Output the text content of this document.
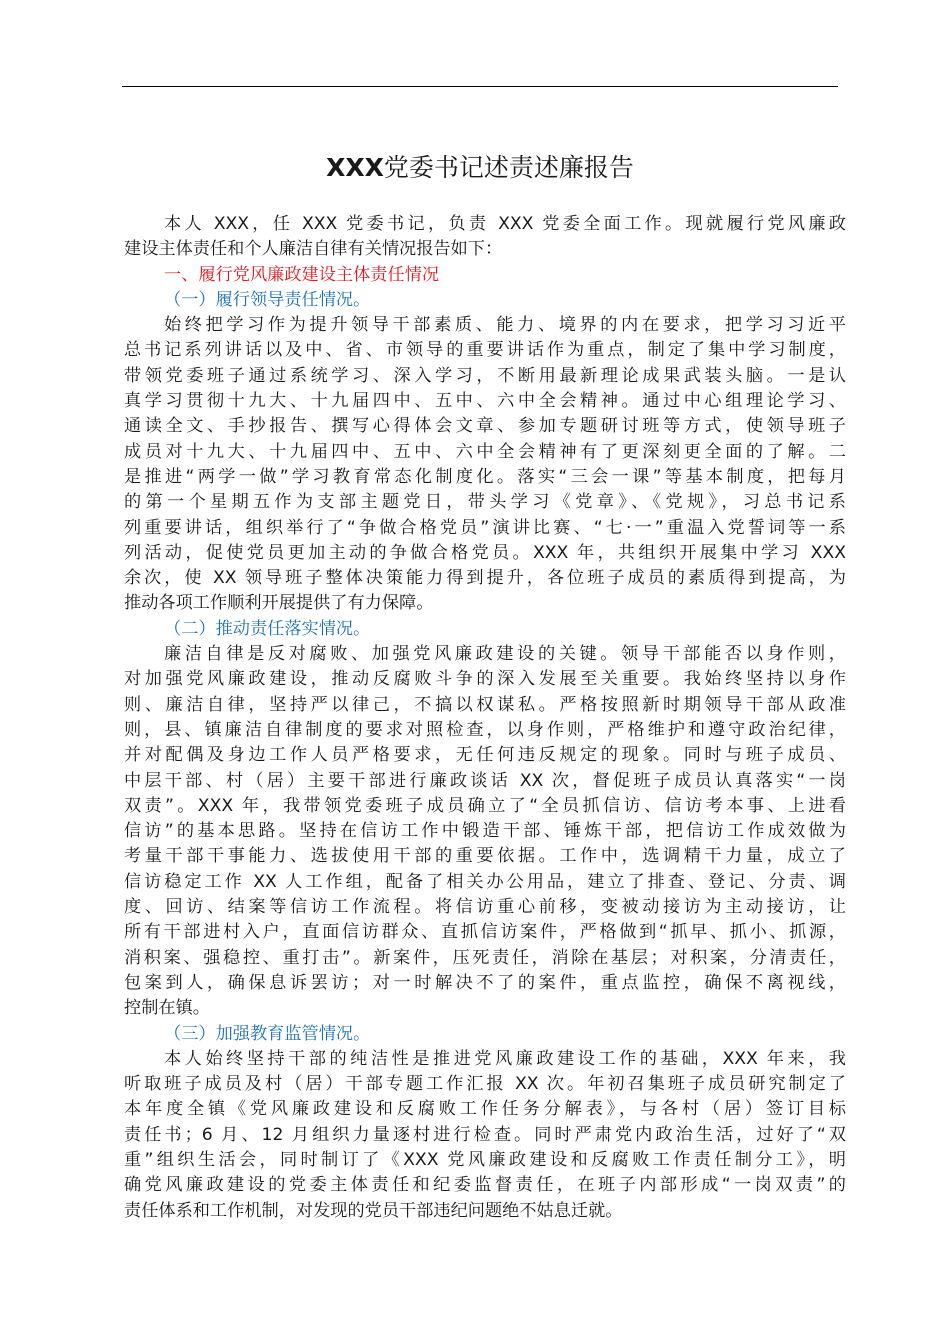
XXX党委书记述责述廉报告
本人 XXX，任 XXX 党委书记，负责 XXX 党委全面工作。现就履行党风廉政
建设主体责任和个人廉洁自律有关情况报告如下：
一、履行党风廉政建设主体责任情况
（一）履行领导责任情况。
始终把学习作为提升领导干部素质、能力、境界的内在要求，把学习习近平
总书记系列讲话以及中、省、市领导的重要讲话作为重点，制定了集中学习制度，
带领党委班子通过系统学习、深入学习，不断用最新理论成果武装头脑。一是认
真学习贯彻十九大、十九届四中、五中、六中全会精神。通过中心组理论学习、
通读全文、手抄报告、撰写心得体会文章、参加专题研讨班等方式，使领导班子
成员对十九大、十九届四中、五中、六中全会精神有了更深刻更全面的了解。二
是推进“两学一做”学习教育常态化制度化。落实“三会一课”等基本制度，把每月
的第一个星期五作为支部主题党日，带头学习《党章》、《党规》，习总书记系
列重要讲话，组织举行了“争做合格党员”演讲比赛、“七·一”重温入党誓词等一系
列活动，促使党员更加主动的争做合格党员。XXX 年，共组织开展集中学习 XXX
余次，使 XX 领导班子整体决策能力得到提升，各位班子成员的素质得到提高，为
推动各项工作顺利开展提供了有力保障。
（二）推动责任落实情况。
廉洁自律是反对腐败、加强党风廉政建设的关键。领导干部能否以身作则，
对加强党风廉政建设，推动反腐败斗争的深入发展至关重要。我始终坚持以身作
则、廉洁自律，坚持严以律己，不搞以权谋私。严格按照新时期领导干部从政准
则，县、镇廉洁自律制度的要求对照检查，以身作则，严格维护和遵守政治纪律，
并对配偶及身边工作人员严格要求，无任何违反规定的现象。同时与班子成员、
中层干部、村（居）主要干部进行廉政谈话 XX 次，督促班子成员认真落实“一岗
双责”。XXX 年，我带领党委班子成员确立了“全员抓信访、信访考本事、上进看
信访”的基本思路。坚持在信访工作中锻造干部、锤炼干部，把信访工作成效做为
考量干部干事能力、选拔使用干部的重要依据。工作中，选调精干力量，成立了
信访稳定工作 XX 人工作组，配备了相关办公用品，建立了排查、登记、分责、调
度、回访、结案等信访工作流程。将信访重心前移，变被动接访为主动接访，让
所有干部进村入户，直面信访群众、直抓信访案件，严格做到“抓早、抓小、抓源，
消积案、强稳控、重打击”。新案件，压死责任，消除在基层；对积案，分清责任，
包案到人，确保息诉罢访；对一时解决不了的案件，重点监控，确保不离视线，
控制在镇。
（三）加强教育监管情况。
本人始终坚持干部的纯洁性是推进党风廉政建设工作的基础，XXX 年来，我
听取班子成员及村（居）干部专题工作汇报 XX 次。年初召集班子成员研究制定了
本年度全镇《党风廉政建设和反腐败工作任务分解表》，与各村（居）签订目标
责任书；6 月、12 月组织力量逐村进行检查。同时严肃党内政治生活，过好了“双
重”组织生活会，同时制订了《XXX 党风廉政建设和反腐败工作责任制分工》，明
确党风廉政建设的党委主体责任和纪委监督责任，在班子内部形成“一岗双责”的
责任体系和工作机制，对发现的党员干部违纪问题绝不姑息迁就。
